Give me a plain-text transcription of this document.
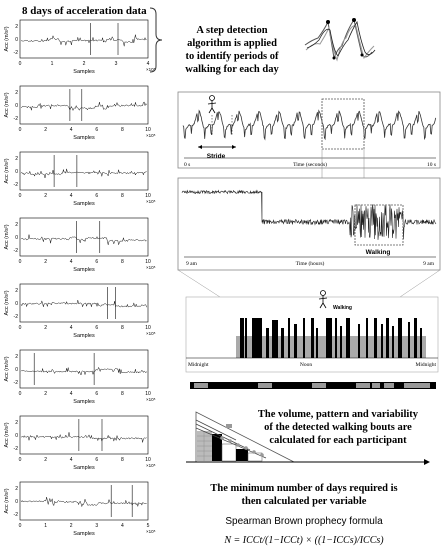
8 days of acceleration data
Acc (m/s²) 2
0
-2
0	1	2	3	4
×10⁵
Samples
Acc (m/s²) 2
0
-2
0	2	4	6	8	10
×10⁵
Samples
Acc (m/s²) 2
0
-2
0	2	4	6	8	10
×10⁵
Samples
Acc (m/s²) 2
0
-2
0	2	4	6	8	10
×10⁵
Samples
Acc (m/s²) 2
0
-2
0	2	4	6	8	10
×10⁵
Samples
Acc (m/s²) 2
0
-2
0	2	4	6	8	10
×10⁵
Samples
Acc (m/s²) 2
0
-2
0	2	4	6	8	10
×10⁵
Samples
Acc (m/s²) 2
0
-2
0	1	2	3	4	5
×10⁵
Samples
A step detection
algorithm is applied
to identify periods of
walking for each day
Stride
0 s	Time (seconds)	10 s
Walking
9 am	Time (hours)	9 am
Walking
Midnight	Noon	Midnight
The volume, pattern and variability
of the detected walking bouts are
calculated for each participant
The minimum number of days required is
then calculated per variable
Spearman Brown prophecy formula
N = ICCt/(1−ICCt) × ((1−ICCs)/ICCs)
